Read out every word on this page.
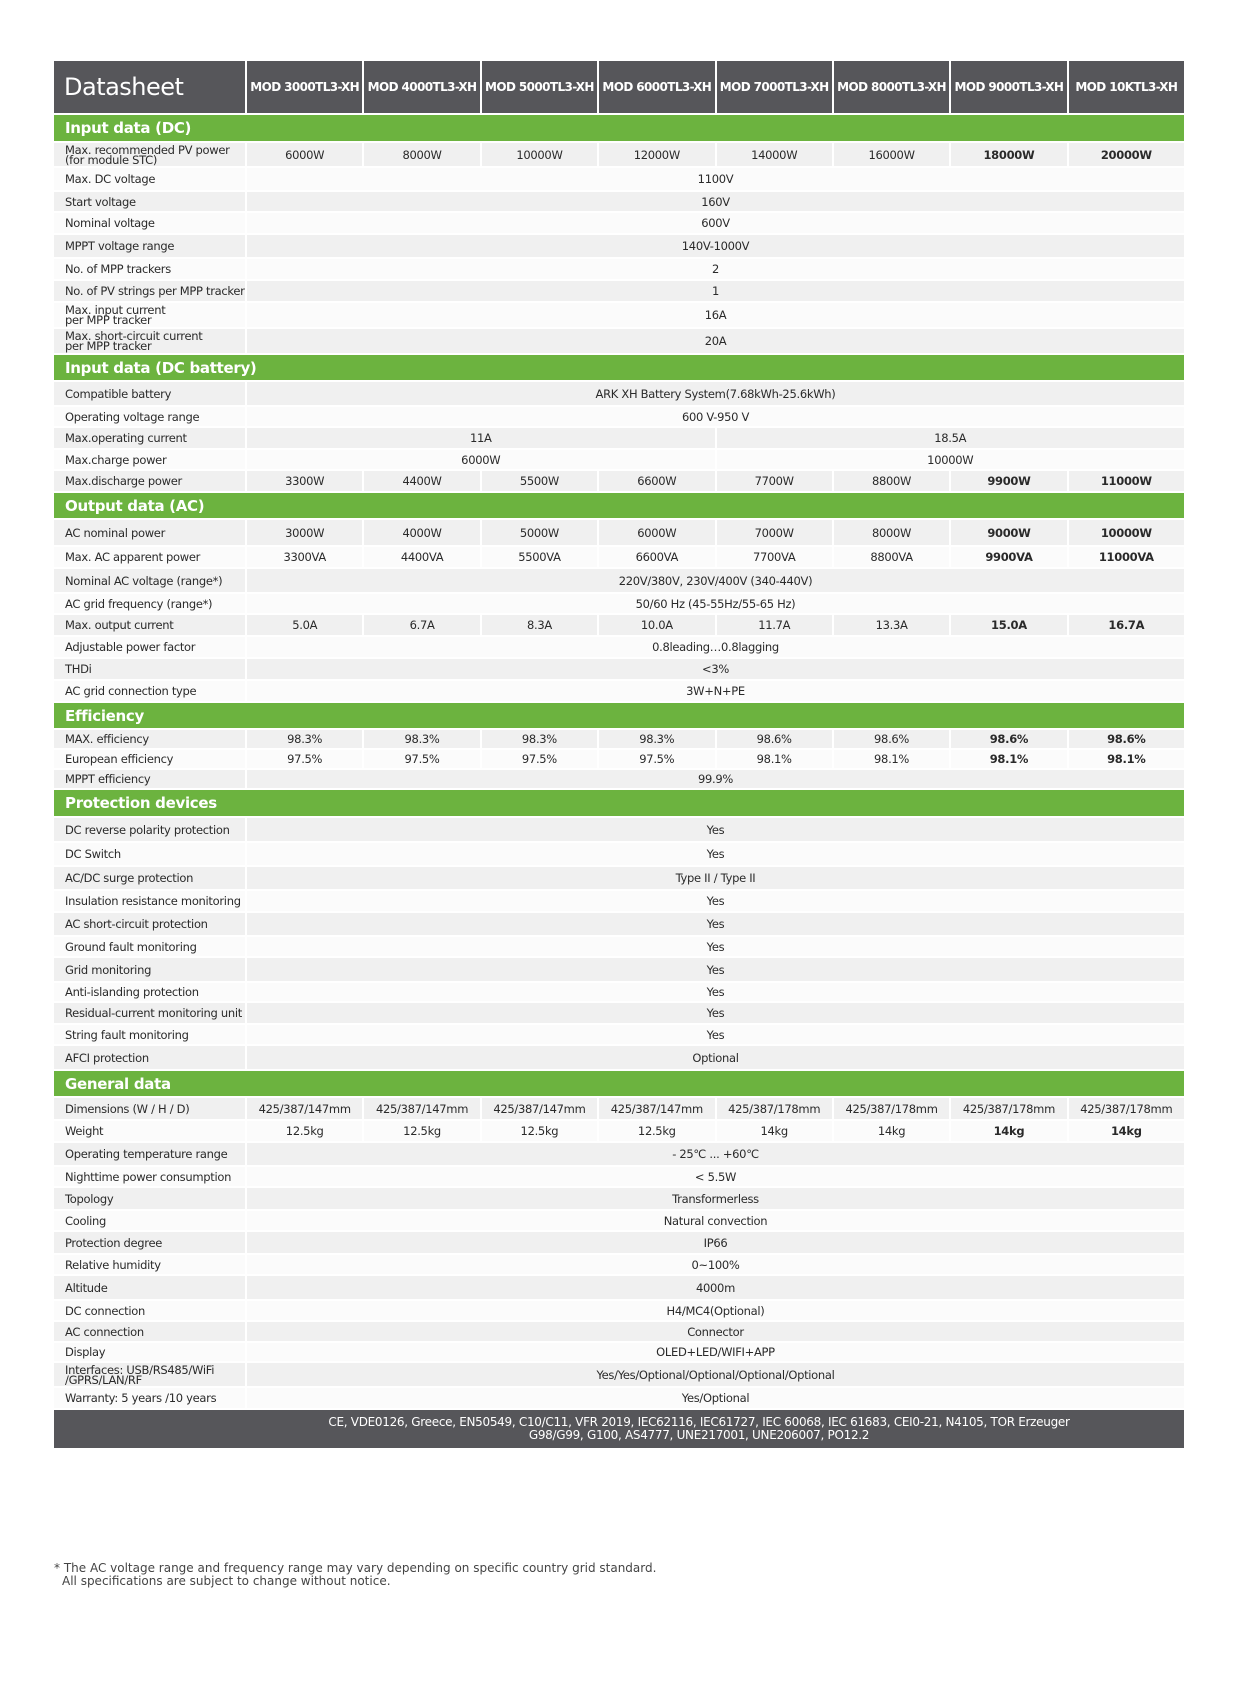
Datasheet	MOD 3000TL3-XH	MOD 4000TL3-XH	MOD 5000TL3-XH	MOD 6000TL3-XH	MOD 7000TL3-XH	MOD 8000TL3-XH	MOD 9000TL3-XH	MOD 10KTL3-XH
Input data (DC)								
Max. recommended PV power
(for module STC)	6000W	8000W	10000W	12000W	14000W	16000W	18000W	20000W
Max. DC voltage	1100V							
Start voltage	160V							
Nominal voltage	600V							
MPPT voltage range	140V-1000V							
No. of MPP trackers	2							
No. of PV strings per MPP tracker	1							
Max. input current
per MPP tracker	16A							
Max. short-circuit current
per MPP tracker	20A							
Input data (DC battery)								
Compatible battery	ARK XH Battery System(7.68kWh-25.6kWh)							
Operating voltage range	600 V-950 V							
Max.operating current	11A				18.5A			
Max.charge power	6000W				10000W			
Max.discharge power	3300W	4400W	5500W	6600W	7700W	8800W	9900W	11000W
Output data (AC)								
AC nominal power	3000W	4000W	5000W	6000W	7000W	8000W	9000W	10000W
Max. AC apparent power	3300VA	4400VA	5500VA	6600VA	7700VA	8800VA	9900VA	11000VA
Nominal AC voltage (range*)	220V/380V, 230V/400V (340-440V)							
AC grid frequency (range*)	50/60 Hz (45-55Hz/55-65 Hz)							
Max. output current	5.0A	6.7A	8.3A	10.0A	11.7A	13.3A	15.0A	16.7A
Adjustable power factor	0.8leading…0.8lagging							
THDi	<3%							
AC grid connection type	3W+N+PE							
Efficiency								
MAX. efficiency	98.3%	98.3%	98.3%	98.3%	98.6%	98.6%	98.6%	98.6%
European efficiency	97.5%	97.5%	97.5%	97.5%	98.1%	98.1%	98.1%	98.1%
MPPT efficiency	99.9%							
Protection devices								
DC reverse polarity protection	Yes							
DC Switch	Yes							
AC/DC surge protection	Type II / Type II							
Insulation resistance monitoring	Yes							
AC short-circuit protection	Yes							
Ground fault monitoring	Yes							
Grid monitoring	Yes							
Anti-islanding protection	Yes							
Residual-current monitoring unit	Yes							
String fault monitoring	Yes							
AFCI protection	Optional							
General data								
Dimensions (W / H / D)	425/387/147mm	425/387/147mm	425/387/147mm	425/387/147mm	425/387/178mm	425/387/178mm	425/387/178mm	425/387/178mm
Weight	12.5kg	12.5kg	12.5kg	12.5kg	14kg	14kg	14kg	14kg
Operating temperature range	- 25℃ ... +60℃							
Nighttime power consumption	< 5.5W							
Topology	Transformerless							
Cooling	Natural convection							
Protection degree	IP66							
Relative humidity	0~100%							
Altitude	4000m							
DC connection	H4/MC4(Optional)							
AC connection	Connector							
Display	OLED+LED/WIFI+APP							
Interfaces: USB/RS485/WiFi
/GPRS/LAN/RF	Yes/Yes/Optional/Optional/Optional/Optional							
Warranty: 5 years /10 years	Yes/Optional							

CE, VDE0126, Greece, EN50549, C10/C11, VFR 2019, IEC62116, IEC61727, IEC 60068, IEC 61683, CEI0-21, N4105, TOR Erzeuger
G98/G99, G100, AS4777, UNE217001, UNE206007, PO12.2								
* The AC voltage range and frequency range may vary depending on specific country grid standard.
All specifications are subject to change without notice.
